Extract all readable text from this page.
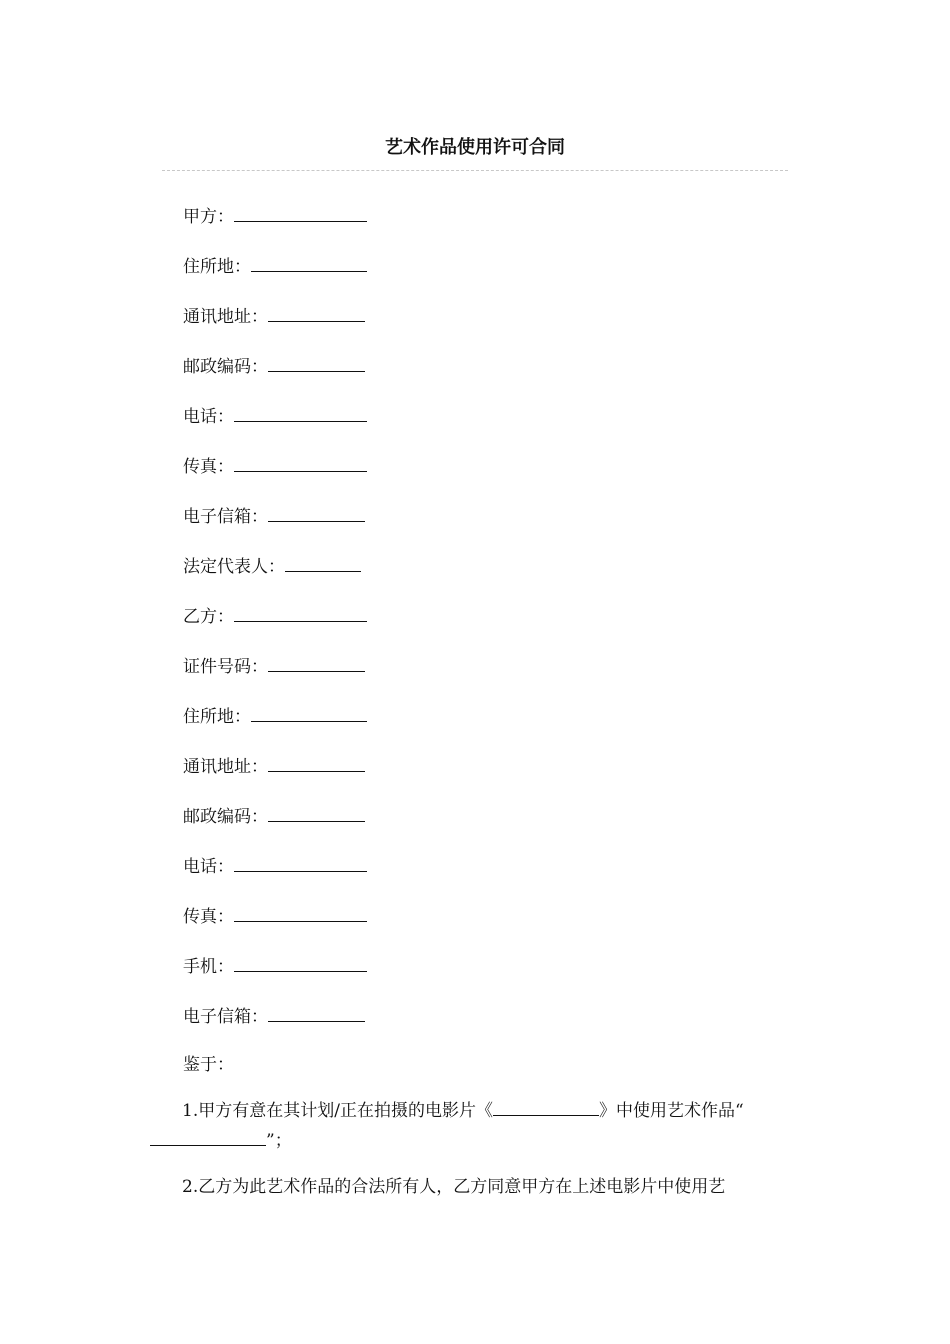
艺术作品使用许可合同
甲方：
住所地：
通讯地址：
邮政编码：
电话：
传真：
电子信箱：
法定代表人：
乙方：
证件号码：
住所地：
通讯地址：
邮政编码：
电话：
传真：
手机：
电子信箱：
鉴于：
1.甲方有意在其计划/正在拍摄的电影片《	》中使用艺术作品“”；
2.乙方为此艺术作品的合法所有人，乙方同意甲方在上述电影片中使用艺
